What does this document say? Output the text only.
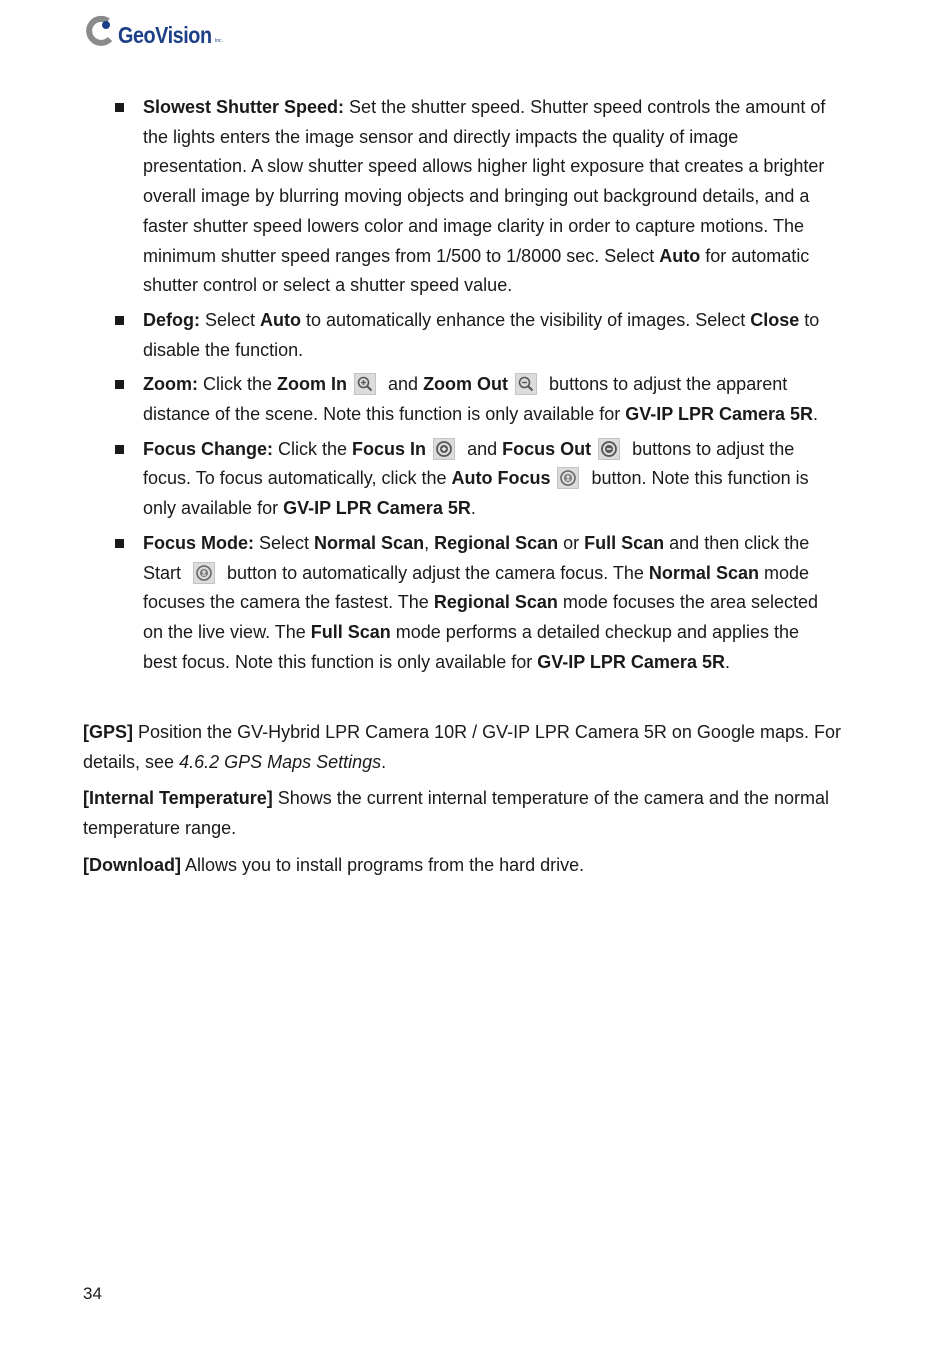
GeoVision Inc.
Slowest Shutter Speed: Set the shutter speed. Shutter speed controls the amount of the lights enters the image sensor and directly impacts the quality of image presentation. A slow shutter speed allows higher light exposure that creates a brighter overall image by blurring moving objects and bringing out background details, and a faster shutter speed lowers color and image clarity in order to capture motions. The minimum shutter speed ranges from 1/500 to 1/8000 sec. Select Auto for automatic shutter control or select a shutter speed value.
Defog: Select Auto to automatically enhance the visibility of images. Select Close to disable the function.
Zoom: Click the Zoom In
and Zoom Out
buttons to adjust the apparent distance of the scene. Note this function is only available for GV-IP LPR Camera 5R.
Focus Change: Click the Focus In
and Focus Out
buttons to adjust the focus. To focus automatically, click the Auto Focus
button. Note this function is only available for GV-IP LPR Camera 5R.
Focus Mode: Select Normal Scan, Regional Scan or Full Scan and then click the Start
button to automatically adjust the camera focus. The Normal Scan mode focuses the camera the fastest. The Regional Scan mode focuses the area selected on the live view. The Full Scan mode performs a detailed checkup and applies the best focus. Note this function is only available for GV-IP LPR Camera 5R.

[GPS] Position the GV-Hybrid LPR Camera 10R / GV-IP LPR Camera 5R on Google maps. For details, see 4.6.2 GPS Maps Settings.

[Internal Temperature] Shows the current internal temperature of the camera and the normal temperature range.

[Download] Allows you to install programs from the hard drive.

34
